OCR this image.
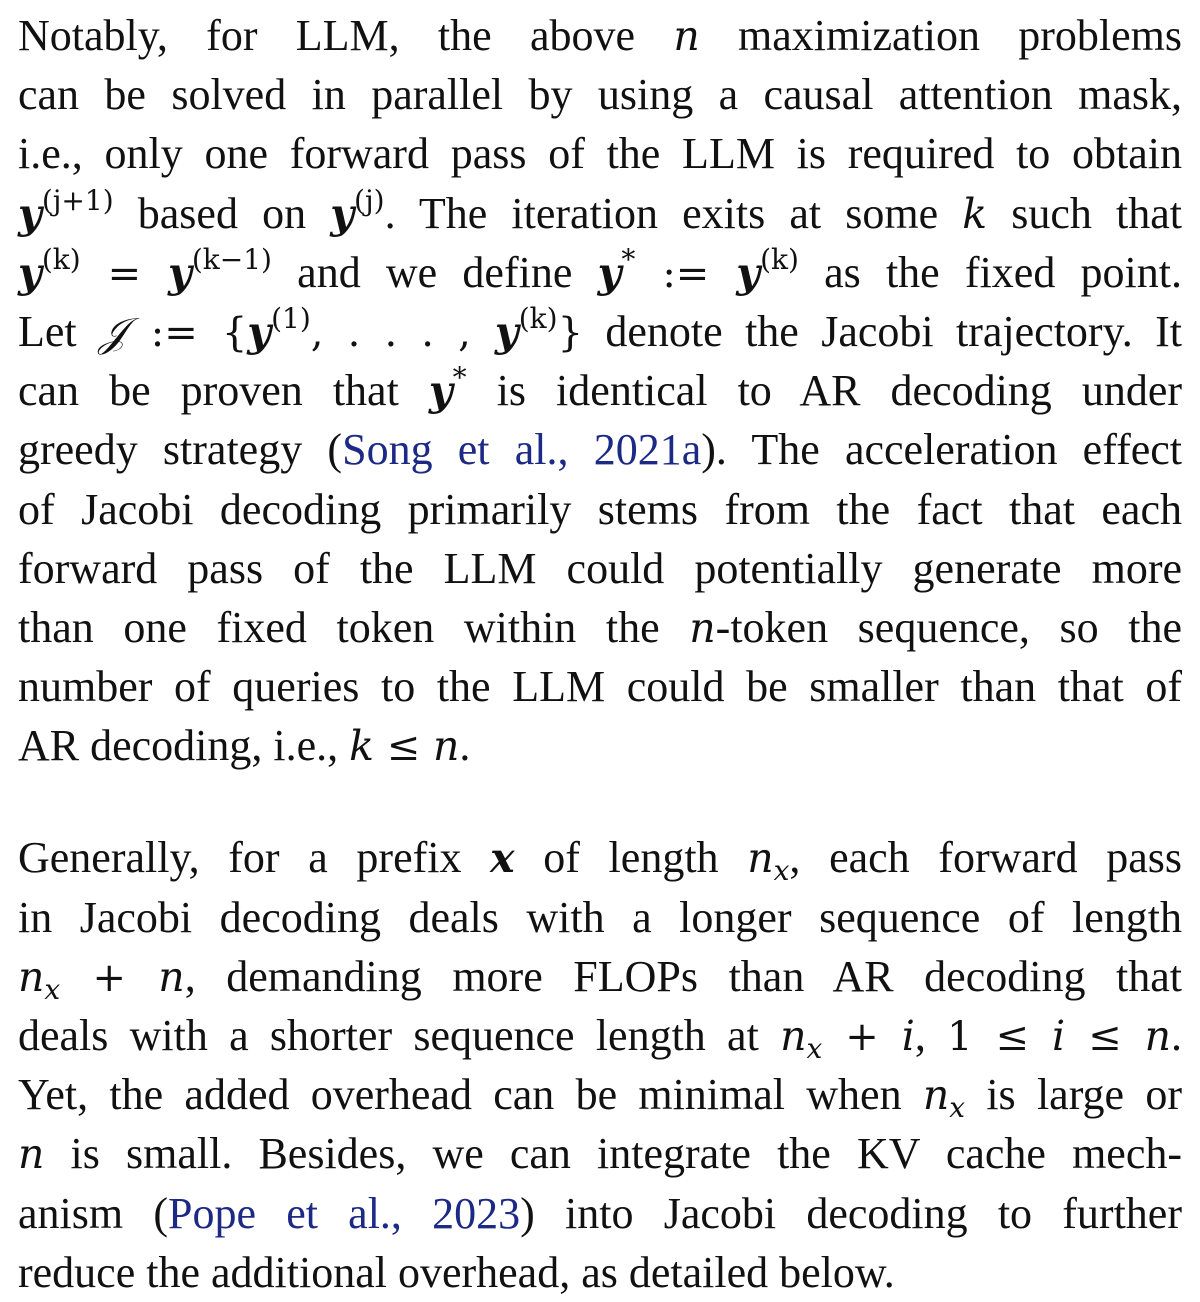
Notably, for LLM, the above n maximization problems
can be solved in parallel by using a causal attention mask,
i.e., only one forward pass of the LLM is required to obtain
$y^{(j+1)}$ based on $y^{(j)}$. The iteration exits at some k such that
$y^{(k)} = y^{(k-1)}$ and we define y* := $y^{(k)}$ as the fixed point.
Let 𝒥 := {$y^{(1)}$, . . . , $y^{(k)}$} denote the Jacobi trajectory. It
can be proven that y* is identical to AR decoding under
greedy strategy (Song et al., 2021a). The acceleration effect
of Jacobi decoding primarily stems from the fact that each
forward pass of the LLM could potentially generate more
than one fixed token within the n-token sequence, so the
number of queries to the LLM could be smaller than that of
AR decoding, i.e., k ≤ n.
Generally, for a prefix x of length nx, each forward pass
in Jacobi decoding deals with a longer sequence of length
nx + n, demanding more FLOPs than AR decoding that
deals with a shorter sequence length at nx + i, 1 ≤ i ≤ n.
Yet, the added overhead can be minimal when nx is large or
n is small. Besides, we can integrate the KV cache mech-
anism (Pope et al., 2023) into Jacobi decoding to further
reduce the additional overhead, as detailed below.
